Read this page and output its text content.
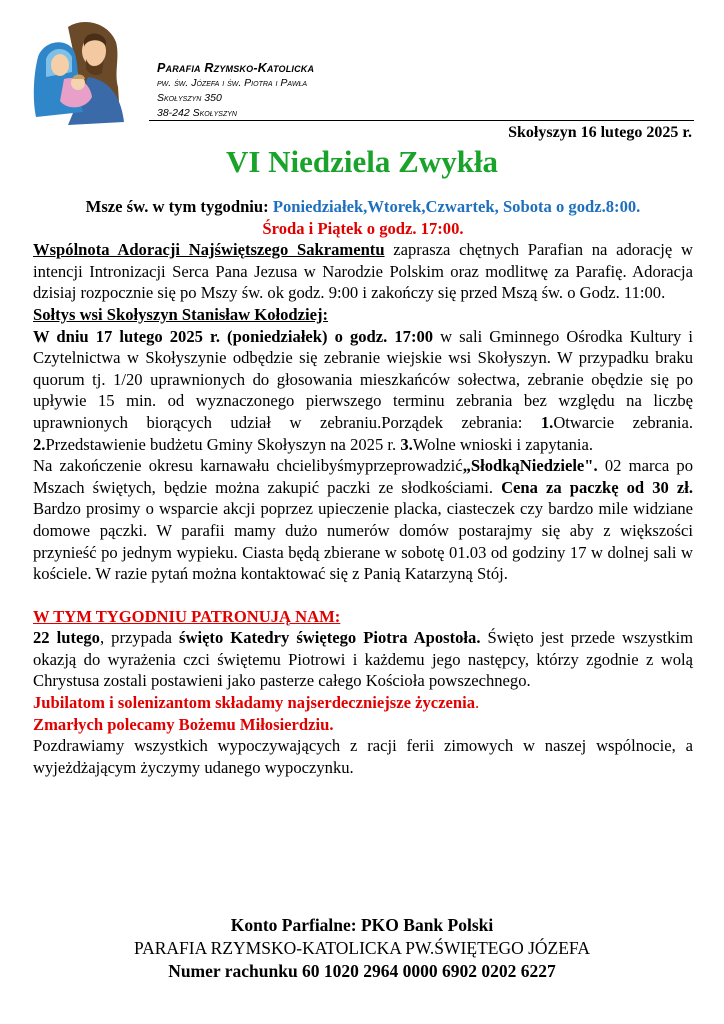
Parafia Rzymsko-Katolicka
pw. św. Józefa i św. Piotra i Pawła
Skołyszyn 350
38-242 Skołyszyn
Skołyszyn 16 lutego 2025 r.
VI Niedziela Zwykła

Msze św. w tym tygodniu: Poniedziałek,Wtorek,Czwartek, Sobota o godz.8:00.

Środa i Piątek o godz. 17:00.

Wspólnota Adoracji Najświętszego Sakramentu zaprasza chętnych Parafian na adorację w intencji Intronizacji Serca Pana Jezusa w Narodzie Polskim oraz modlitwę za Parafię. Adoracja dzisiaj rozpocznie się po Mszy św. ok godz. 9:00 i zakończy się przed Mszą św. o Godz. 11:00.

Sołtys wsi Skołyszyn Stanisław Kołodziej:

W dniu 17 lutego 2025 r. (poniedziałek) o godz. 17:00 w sali Gminnego Ośrodka Kultury i Czytelnictwa w Skołyszynie odbędzie się zebranie wiejskie wsi Skołyszyn. W przypadku braku quorum tj. 1/20 uprawnionych do głosowania mieszkańców sołectwa, zebranie obędzie się po upływie 15 min. od wyznaczonego pierwszego terminu zebrania bez względu na liczbę uprawnionych biorących udział w zebraniu.Porządek zebrania: 1.Otwarcie zebrania. 2.Przedstawienie budżetu Gminy Skołyszyn na 2025 r. 3.Wolne wnioski i zapytania.

Na zakończenie okresu karnawału chcielibyśmyprzeprowadzić„SłodkąNiedziele". 02 marca po Mszach świętych, będzie można zakupić paczki ze słodkościami. Cena za paczkę od 30 zł. Bardzo prosimy o wsparcie akcji poprzez upieczenie placka, ciasteczek czy bardzo mile widziane domowe pączki. W parafii mamy dużo numerów domów postarajmy się aby z większości przynieść po jednym wypieku. Ciasta będą zbierane w sobotę 01.03 od godziny 17 w dolnej sali w kościele. W razie pytań można kontaktować się z Panią Katarzyną Stój.

W TYM TYGODNIU PATRONUJĄ NAM:

22 lutego, przypada święto Katedry świętego Piotra Apostoła. Święto jest przede wszystkim okazją do wyrażenia czci świętemu Piotrowi i każdemu jego następcy, którzy zgodnie z wolą Chrystusa zostali postawieni jako pasterze całego Kościoła powszechnego.

Jubilatom i solenizantom składamy najserdeczniejsze życzenia.

Zmarłych polecamy Bożemu Miłosierdziu.

Pozdrawiamy wszystkich wypoczywających z racji ferii zimowych w naszej wspólnocie, a wyjeżdżającym życzymy udanego wypoczynku.

Konto Parfialne: PKO Bank Polski
PARAFIA RZYMSKO-KATOLICKA PW.ŚWIĘTEGO JÓZEFA
Numer rachunku 60 1020 2964 0000 6902 0202 6227
